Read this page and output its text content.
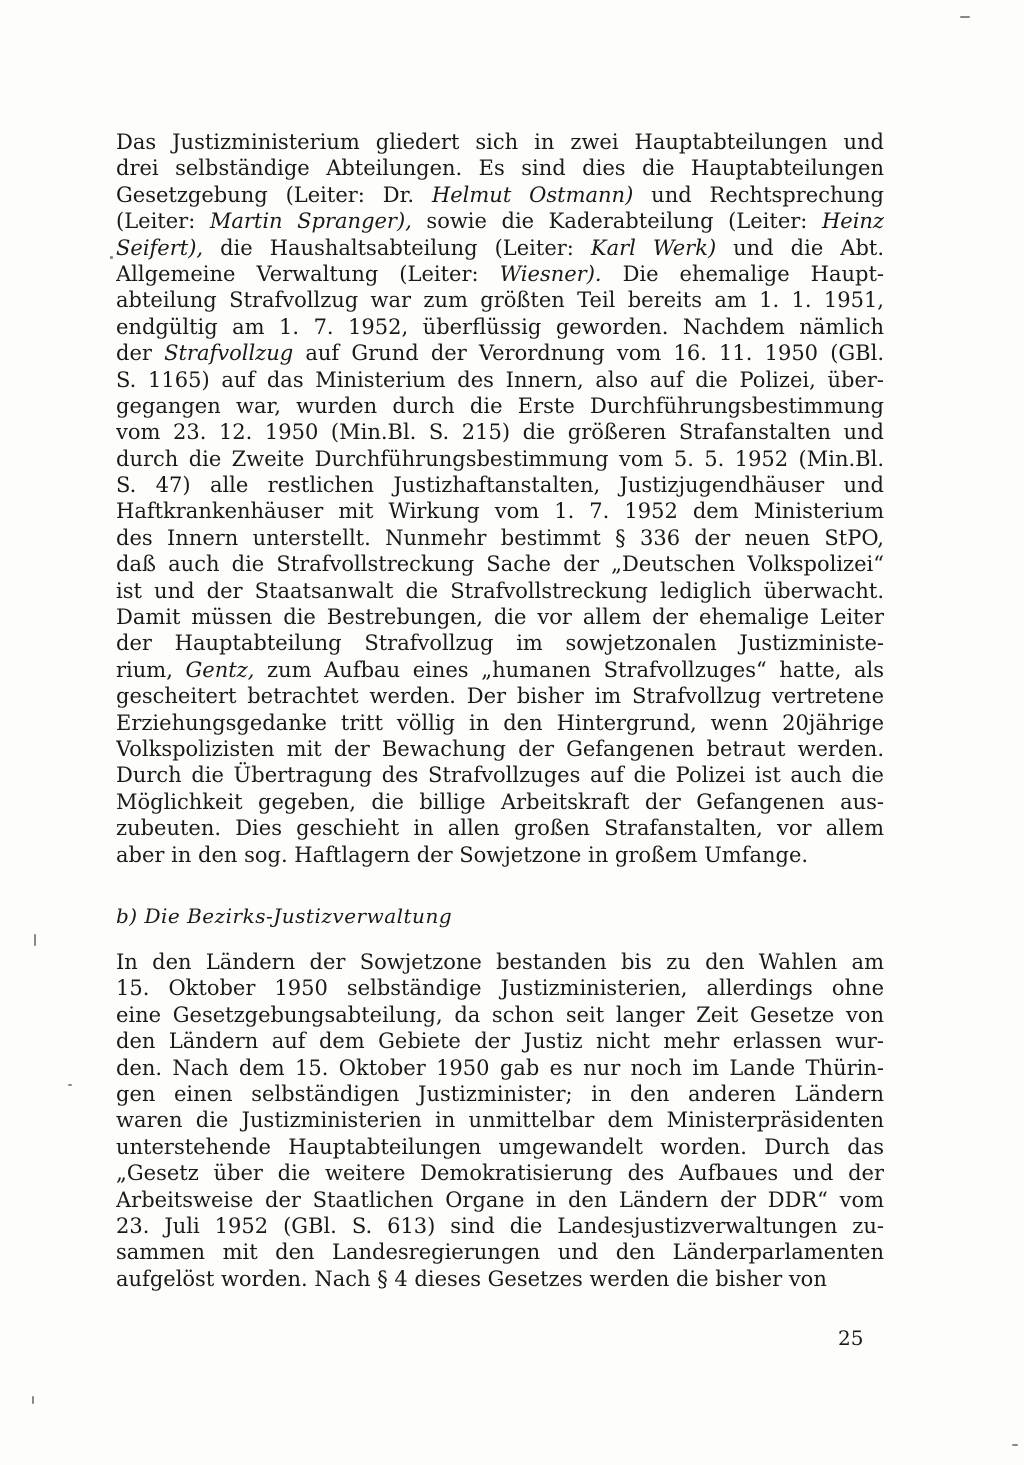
Das Justizministerium gliedert sich in zwei Hauptabteilungen und
drei selbständige Abteilungen. Es sind dies die Hauptabteilungen
Gesetzgebung (Leiter: Dr. Helmut Ostmann) und Rechtsprechung
(Leiter: Martin Spranger), sowie die Kaderabteilung (Leiter: Heinz
Seifert), die Haushaltsabteilung (Leiter: Karl Werk) und die Abt.
Allgemeine Verwaltung (Leiter: Wiesner). Die ehemalige Haupt-
abteilung Strafvollzug war zum größten Teil bereits am 1. 1. 1951,
endgültig am 1. 7. 1952, überflüssig geworden. Nachdem nämlich
der Strafvollzug auf Grund der Verordnung vom 16. 11. 1950 (GBl.
S. 1165) auf das Ministerium des Innern, also auf die Polizei, über-
gegangen war, wurden durch die Erste Durchführungsbestimmung
vom 23. 12. 1950 (Min.Bl. S. 215) die größeren Strafanstalten und
durch die Zweite Durchführungsbestimmung vom 5. 5. 1952 (Min.Bl.
S. 47) alle restlichen Justizhaftanstalten, Justizjugendhäuser und
Haftkrankenhäuser mit Wirkung vom 1. 7. 1952 dem Ministerium
des Innern unterstellt. Nunmehr bestimmt § 336 der neuen StPO,
daß auch die Strafvollstreckung Sache der „Deutschen Volkspolizei“
ist und der Staatsanwalt die Strafvollstreckung lediglich überwacht.
Damit müssen die Bestrebungen, die vor allem der ehemalige Leiter
der Hauptabteilung Strafvollzug im sowjetzonalen Justizministe-
rium, Gentz, zum Aufbau eines „humanen Strafvollzuges“ hatte, als
gescheitert betrachtet werden. Der bisher im Strafvollzug vertretene
Erziehungsgedanke tritt völlig in den Hintergrund, wenn 20jährige
Volkspolizisten mit der Bewachung der Gefangenen betraut werden.
Durch die Übertragung des Strafvollzuges auf die Polizei ist auch die
Möglichkeit gegeben, die billige Arbeitskraft der Gefangenen aus-
zubeuten. Dies geschieht in allen großen Strafanstalten, vor allem
aber in den sog. Haftlagern der Sowjetzone in großem Umfange.
b) Die Bezirks-Justizverwaltung
In den Ländern der Sowjetzone bestanden bis zu den Wahlen am
15. Oktober 1950 selbständige Justizministerien, allerdings ohne
eine Gesetzgebungsabteilung, da schon seit langer Zeit Gesetze von
den Ländern auf dem Gebiete der Justiz nicht mehr erlassen wur-
den. Nach dem 15. Oktober 1950 gab es nur noch im Lande Thürin-
gen einen selbständigen Justizminister; in den anderen Ländern
waren die Justizministerien in unmittelbar dem Ministerpräsidenten
unterstehende Hauptabteilungen umgewandelt worden. Durch das
„Gesetz über die weitere Demokratisierung des Aufbaues und der
Arbeitsweise der Staatlichen Organe in den Ländern der DDR“ vom
23. Juli 1952 (GBl. S. 613) sind die Landesjustizverwaltungen zu-
sammen mit den Landesregierungen und den Länderparlamenten
aufgelöst worden. Nach § 4 dieses Gesetzes werden die bisher von
25
